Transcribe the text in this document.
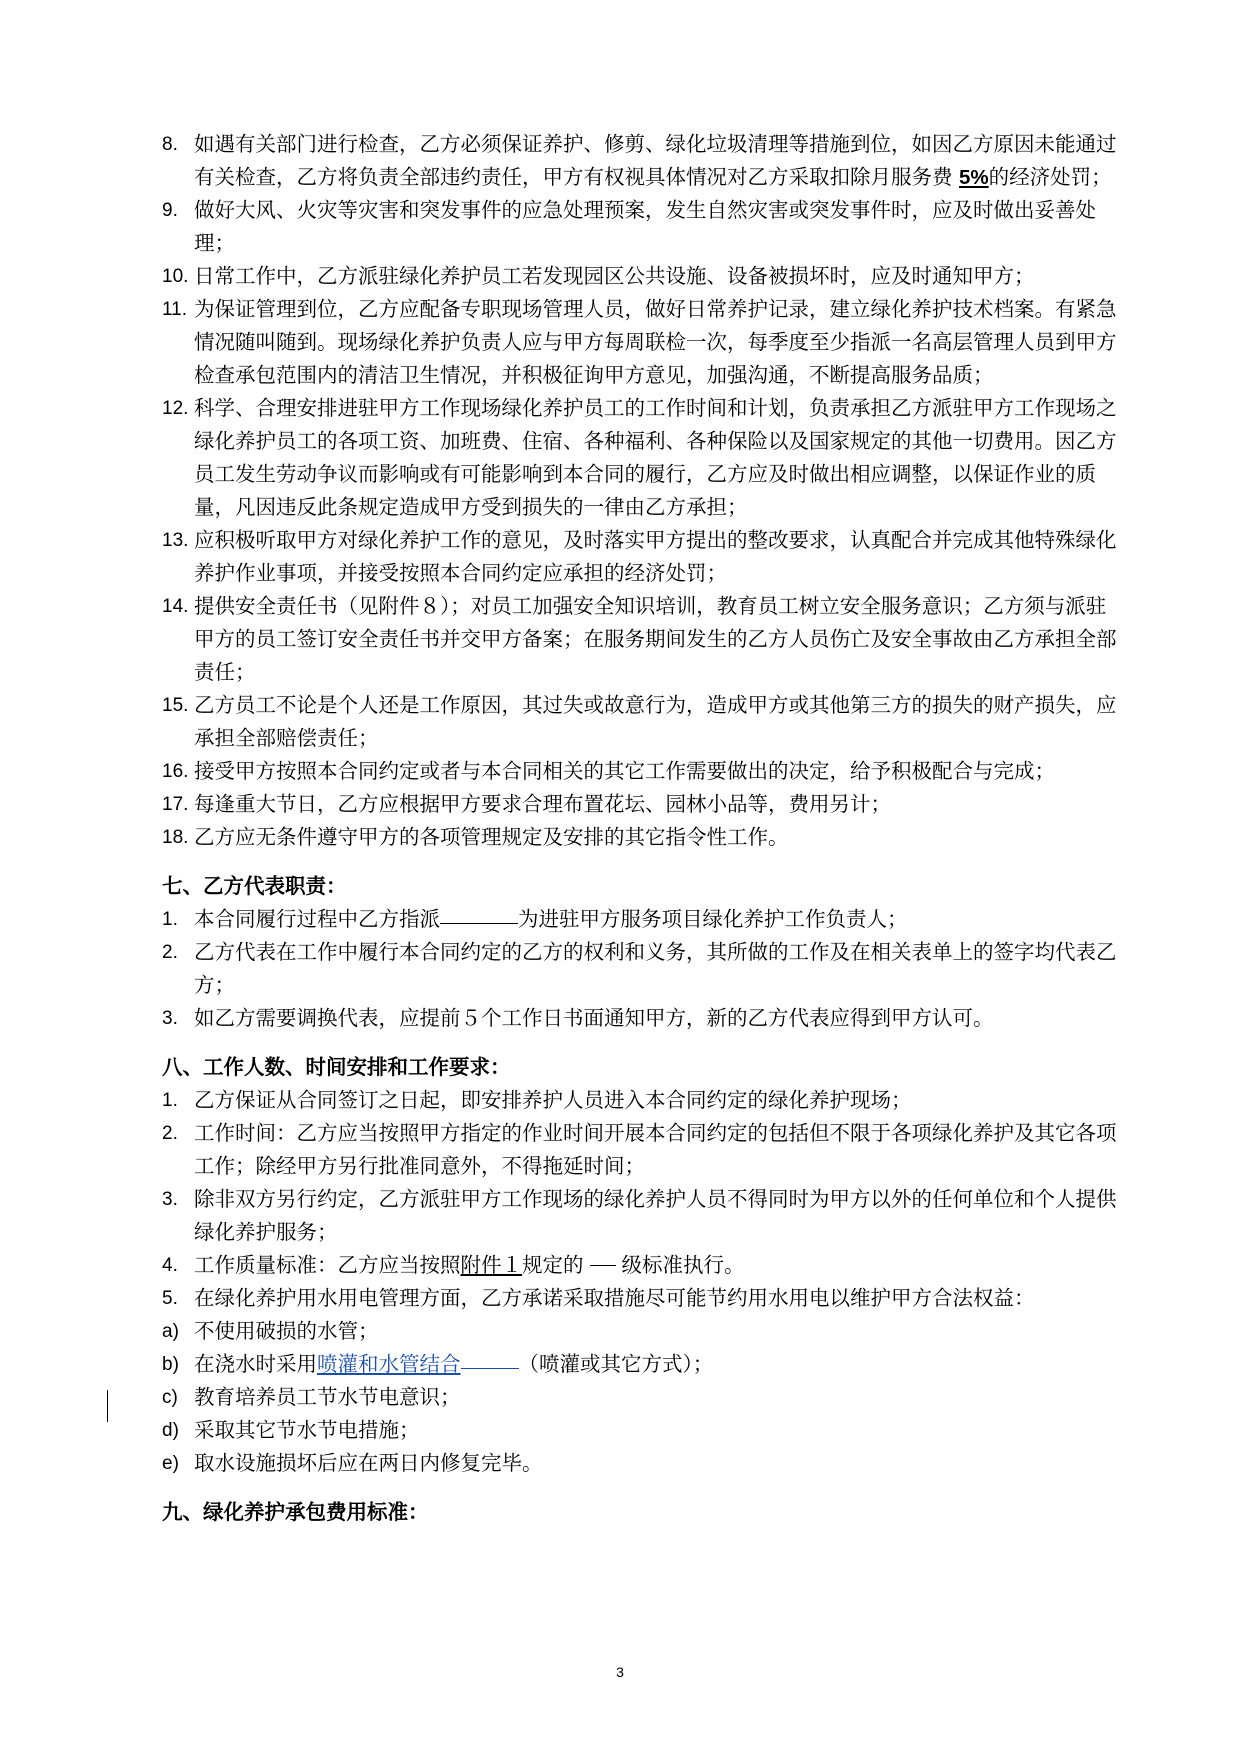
8. 如遇有关部门进行检查，乙方必须保证养护、修剪、绿化垃圾清理等措施到位，如因乙方原因未能通过有关检查，乙方将负责全部违约责任，甲方有权视具体情况对乙方采取扣除月服务费 5%的经济处罚；

9. 做好大风、火灾等灾害和突发事件的应急处理预案，发生自然灾害或突发事件时，应及时做出妥善处理；

10. 日常工作中，乙方派驻绿化养护员工若发现园区公共设施、设备被损坏时，应及时通知甲方；

11. 为保证管理到位，乙方应配备专职现场管理人员，做好日常养护记录，建立绿化养护技术档案。有紧急情况随叫随到。现场绿化养护负责人应与甲方每周联检一次，每季度至少指派一名高层管理人员到甲方检查承包范围内的清洁卫生情况，并积极征询甲方意见，加强沟通，不断提高服务品质；

12. 科学、合理安排进驻甲方工作现场绿化养护员工的工作时间和计划，负责承担乙方派驻甲方工作现场之绿化养护员工的各项工资、加班费、住宿、各种福利、各种保险以及国家规定的其他一切费用。因乙方员工发生劳动争议而影响或有可能影响到本合同的履行，乙方应及时做出相应调整，以保证作业的质量，凡因违反此条规定造成甲方受到损失的一律由乙方承担；

13. 应积极听取甲方对绿化养护工作的意见，及时落实甲方提出的整改要求，认真配合并完成其他特殊绿化养护作业事项，并接受按照本合同约定应承担的经济处罚；

14. 提供安全责任书（见附件８）；对员工加强安全知识培训，教育员工树立安全服务意识；乙方须与派驻甲方的员工签订安全责任书并交甲方备案；在服务期间发生的乙方人员伤亡及安全事故由乙方承担全部责任；

15. 乙方员工不论是个人还是工作原因，其过失或故意行为，造成甲方或其他第三方的损失的财产损失，应承担全部赔偿责任；

16. 接受甲方按照本合同约定或者与本合同相关的其它工作需要做出的决定，给予积极配合与完成；

17. 每逢重大节日，乙方应根据甲方要求合理布置花坛、园林小品等，费用另计；

18. 乙方应无条件遵守甲方的各项管理规定及安排的其它指令性工作。

七、乙方代表职责：

1. 本合同履行过程中乙方指派	为进驻甲方服务项目绿化养护工作负责人；

2. 乙方代表在工作中履行本合同约定的乙方的权利和义务，其所做的工作及在相关表单上的签字均代表乙方；

3. 如乙方需要调换代表，应提前５个工作日书面通知甲方，新的乙方代表应得到甲方认可。

八、工作人数、时间安排和工作要求：

1. 乙方保证从合同签订之日起，即安排养护人员进入本合同约定的绿化养护现场；

2. 工作时间：乙方应当按照甲方指定的作业时间开展本合同约定的包括但不限于各项绿化养护及其它各项工作；除经甲方另行批准同意外，不得拖延时间；

3. 除非双方另行约定，乙方派驻甲方工作现场的绿化养护人员不得同时为甲方以外的任何单位和个人提供绿化养护服务；

4. 工作质量标准：乙方应当按照附件１规定的 级标准执行。

5. 在绿化养护用水用电管理方面，乙方承诺采取措施尽可能节约用水用电以维护甲方合法权益：

a) 不使用破损的水管；

b) 在浇水时采用喷灌和水管结合	（喷灌或其它方式）；

c) 教育培养员工节水节电意识；

d) 采取其它节水节电措施；

e) 取水设施损坏后应在两日内修复完毕。

九、绿化养护承包费用标准：

3
